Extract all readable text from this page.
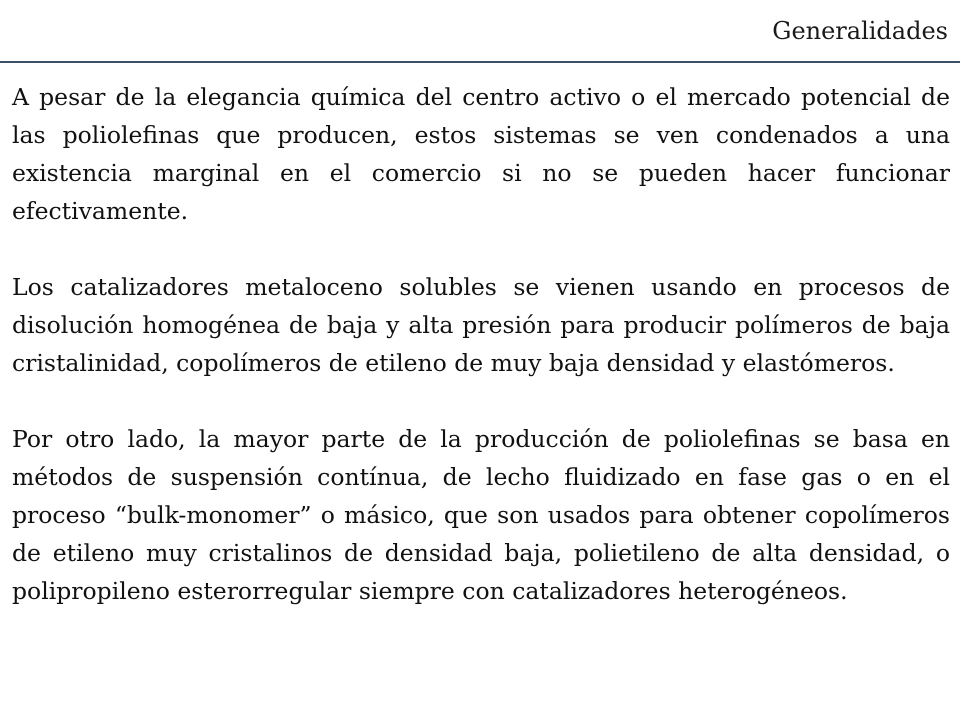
Generalidades

A pesar de la elegancia química del centro activo o el mercado potencial de las poliolefinas que producen, estos sistemas se ven condenados a una existencia marginal en el comercio si no se pueden hacer funcionar efectivamente.

Los catalizadores metaloceno solubles se vienen usando en procesos de disolución homogénea de baja y alta presión para producir polímeros de baja cristalinidad, copolímeros de etileno de muy baja densidad y elastómeros.

Por otro lado, la mayor parte de la producción de poliolefinas se basa en métodos de suspensión contínua, de lecho fluidizado en fase gas o en el proceso “bulk-monomer” o másico, que son usados para obtener copolímeros de etileno muy cristalinos de densidad baja, polietileno de alta densidad, o polipropileno esterorregular siempre con catalizadores heterogéneos.
